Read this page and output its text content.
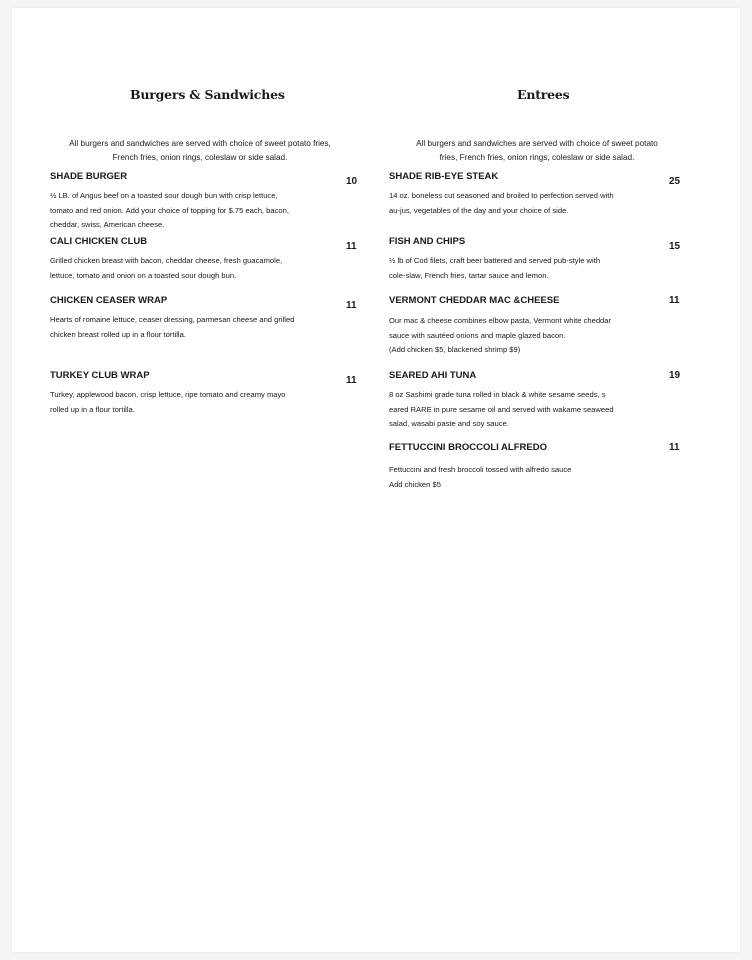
Burgers & Sandwiches
All burgers and sandwiches are served with choice of sweet potato fries,
French fries, onion rings, coleslaw or side salad.
SHADE BURGER
½ LB. of Angus beef on a toasted sour dough bun with crisp lettuce,
tomato and red onion. Add your choice of topping for $.75 each, bacon,
cheddar, swiss, American cheese.
10
CALI CHICKEN CLUB
Grilled chicken breast with bacon, cheddar cheese, fresh guacamole,
lettuce, tomato and onion on a toasted sour dough bun.
11
CHICKEN CEASER WRAP
Hearts of romaine lettuce, ceaser dressing, parmesan cheese and grilled
chicken breast rolled up in a flour tortilla.
11
TURKEY CLUB WRAP
Turkey, applewood bacon, crisp lettuce, ripe tomato and creamy mayo
rolled up in a flour tortilla.
11
Entrees
All burgers and sandwiches are served with choice of sweet potato
fries, French fries, onion rings, coleslaw or side salad.
SHADE RIB-EYE STEAK
14 oz. boneless cut seasoned and broiled to perfection served with
au-jus, vegetables of the day and your choice of side.
25
FISH AND CHIPS
½ lb of Cod filets, craft beer battered and served pub-style with
cole-slaw, French fries, tartar sauce and lemon.
15
VERMONT CHEDDAR MAC &CHEESE
Our mac & cheese combines elbow pasta, Vermont white cheddar
sauce with sautéed onions and maple glazed bacon.
(Add chicken $5, blackened shrimp $9)
11
SEARED AHI TUNA
8 oz Sashimi grade tuna rolled in black & white sesame seeds, s
eared RARE in pure sesame oil and served with wakame seaweed
salad, wasabi paste and soy sauce.
19
FETTUCCINI BROCCOLI ALFREDO
Fettuccini and fresh broccoli tossed with alfredo sauce
Add chicken $5
11
